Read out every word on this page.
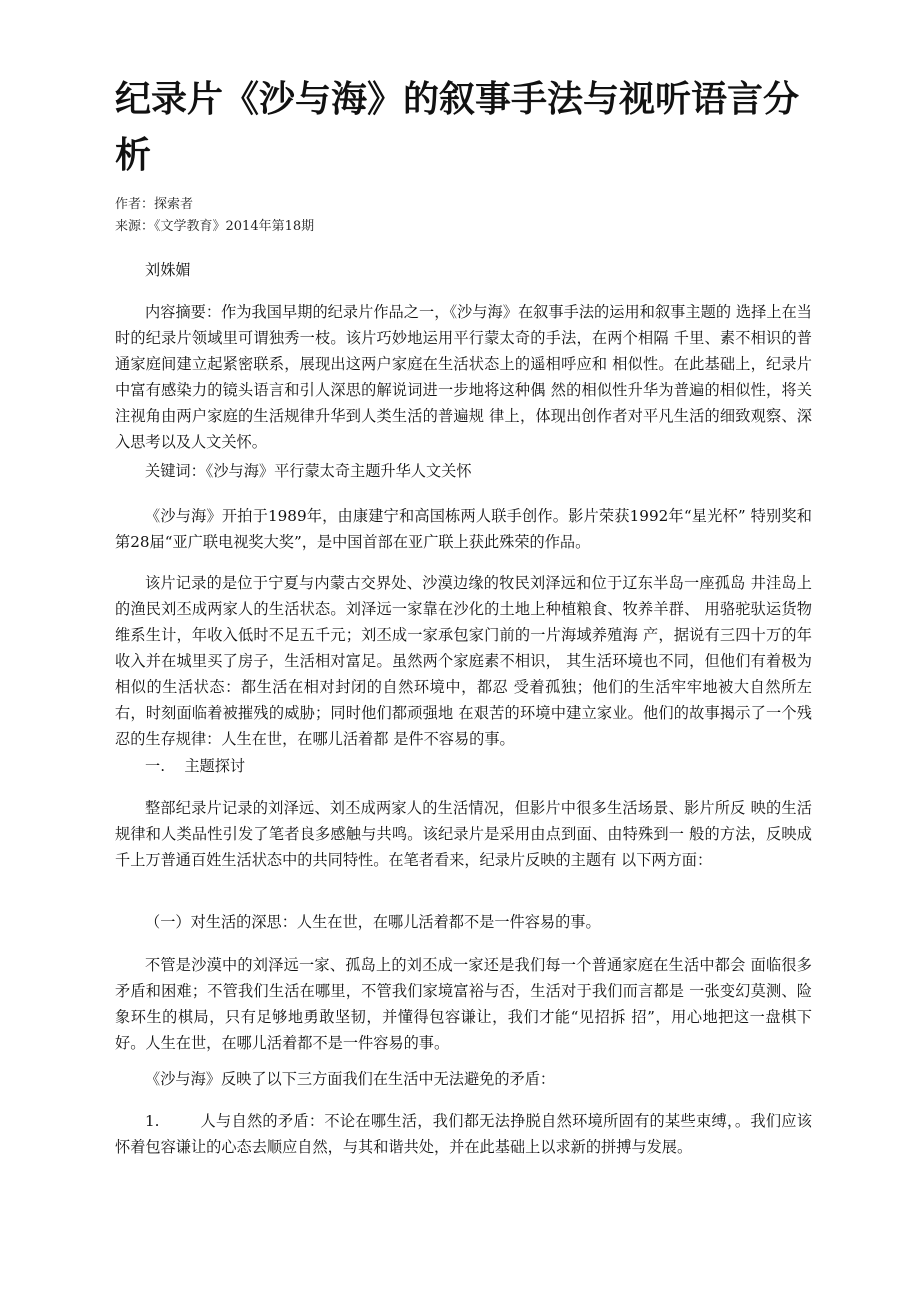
纪录片《沙与海》的叙事手法与视听语言分析

作者：探索者

来源：《文学教育》2014年第18期

刘姝媚

内容摘要：作为我国早期的纪录片作品之一，《沙与海》在叙事手法的运用和叙事主题的 选择上在当时的纪录片领域里可谓独秀一枝。该片巧妙地运用平行蒙太奇的手法，在两个相隔 千里、素不相识的普通家庭间建立起紧密联系，展现出这两户家庭在生活状态上的遥相呼应和 相似性。在此基础上，纪录片中富有感染力的镜头语言和引人深思的解说词进一步地将这种偶 然的相似性升华为普遍的相似性，将关注视角由两户家庭的生活规律升华到人类生活的普遍规 律上，体现出创作者对平凡生活的细致观察、深入思考以及人文关怀。

关键词：《沙与海》平行蒙太奇主题升华人文关怀

《沙与海》开拍于1989年，由康建宁和高国栋两人联手创作。影片荣获1992年“星光杯” 特别奖和第28届“亚广联电视奖大奖”，是中国首部在亚广联上获此殊荣的作品。

该片记录的是位于宁夏与内蒙古交界处、沙漠边缘的牧民刘泽远和位于辽东半岛一座孤岛 井洼岛上的渔民刘丕成两家人的生活状态。刘泽远一家靠在沙化的土地上种植粮食、牧养羊群、 用骆驼驮运货物维系生计，年收入低时不足五千元；刘丕成一家承包家门前的一片海域养殖海 产，据说有三四十万的年收入并在城里买了房子，生活相对富足。虽然两个家庭素不相识， 其生活环境也不同，但他们有着极为相似的生活状态：都生活在相对封闭的自然环境中，都忍 受着孤独；他们的生活牢牢地被大自然所左右，时刻面临着被摧残的威胁；同时他们都顽强地 在艰苦的环境中建立家业。他们的故事揭示了一个残忍的生存规律：人生在世，在哪儿活着都 是件不容易的事。

一.    主题探讨

整部纪录片记录的刘泽远、刘丕成两家人的生活情况，但影片中很多生活场景、影片所反 映的生活规律和人类品性引发了笔者良多感触与共鸣。该纪录片是采用由点到面、由特殊到一 般的方法，反映成千上万普通百姓生活状态中的共同特性。在笔者看来，纪录片反映的主题有 以下两方面：

（一）对生活的深思：人生在世，在哪儿活着都不是一件容易的事。

不管是沙漠中的刘泽远一家、孤岛上的刘丕成一家还是我们每一个普通家庭在生活中都会 面临很多矛盾和困难；不管我们生活在哪里，不管我们家境富裕与否，生活对于我们而言都是 一张变幻莫测、险象环生的棋局，只有足够地勇敢坚韧，并懂得包容谦让，我们才能“见招拆 招”，用心地把这一盘棋下好。人生在世，在哪儿活着都不是一件容易的事。

《沙与海》反映了以下三方面我们在生活中无法避免的矛盾：

1.        人与自然的矛盾：不论在哪生活，我们都无法挣脱自然环境所固有的某些束缚，。我们应该怀着包容谦让的心态去顺应自然，与其和谐共处，并在此基础上以求新的拼搏与发展。
